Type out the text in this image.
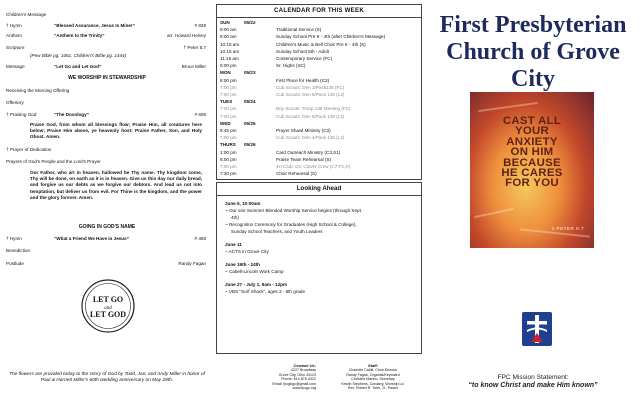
Children's Message
† Hymn	“Blessed Assurance, Jesus Is Mine!”	# 839
Anthem	“Anthem to the Trinity”	arr. Howard Helvey
Scripture	† Peter 5:7
(Pew Bible pg. 1061, Children's Bible pg. 1444)
Message	“Let Go and Let God”	Bruce Miller
WE WORSHIP IN STEWARDSHIP
Receiving the Morning Offering
Offertory
† Praising God	“The Doxology”	# 606
Praise God, from whom all blessings flow; Praise Him, all creatures here below; Praise Him above, ye heavenly host; Praise Father, Son, and Holy Ghost. Amen.
† Prayer of Dedication
Prayers of God's People and the Lord's Prayer
Our Father, who art in heaven, hallowed be Thy name. Thy kingdom come, Thy will be done, on earth as it is in heaven. Give us this day our daily bread, and forgive us our debts as we forgive our debtors. And lead us not into temptation, but deliver us from evil. For Thine is the kingdom, and the power and the glory forever. Amen.
GOING IN GOD'S NAME
† Hymn	“What a Friend We Have in Jesus”	# 465
Benediction
Postlude	Randy Fagan
LET GO
and
LET GOD
The flowers are provided today to the Glory of God by Todd, Jan, and Andy Miller in honor of Paul & Harriett Miller's 60th wedding anniversary on May 28th.
CALENDAR FOR THIS WEEK
SUN	05/22
9:00 am	Traditional Service (S)
9:00 am	Sunday School Pre K - 4th (after Children's Message)
10:15 am	Children's Music & Bell Choir Pre K - 4th (S)
10:15 am	Sunday School 5th - Adult
11:15 am	Contemporary Service (FC)
6:00 pm	Sr. Highs (SC)
MON	05/23
6:00 pm	First Place for Health (C3)
7:00 pm	Cub Scouts: Den 2/Pack136 (FC)
7:00 pm	Cub Scouts: Den 6/Pack 136 (L2)
TUES	05/24
7:00 pm	Boy Scouts: Troop 136 Meeting (FC)
7:00 pm	Cub Scouts: Den 8/Pack 136 (L2)
WED	05/25
6:45 pm	Prayer Shawl Ministry (C3)
7:00 pm	Cub Scouts: Den 4/Pack 136 (L2)
THURS 05/26
1:00 pm	Card Outreach Ministry (C3,S1)
6:00 pm	Praise Team Rehearsal (S)
7:00 pm	4H Club: GC Clover Crew (C7,FC,K)
7:30 pm	Choir Rehearsal (S)
Looking Ahead
June 5, 10:00am
~ Our one Summer Blended Worship Service begins (through Sept.
4th)
~ Recognition Ceremony for Graduates (High School & College),
Sunday School Teachers, and Youth Leaders
June 11
~ ACTS in Grove City
June 19th - 24th
~ Cabell-Lincoln Work Camp
June 27 - July 1, 9am - 12pm
~ VBS "Surf Shack", ages 3 - 6th grade
Contact Us:
4227 Broadway
Grove City, Ohio 43123
Phone: 614-875-4322
Email: fpcgbgc@gmail.com
www.fpcgc.org
Staff:
Charlotte Cahill, Choir Director
Randy Fagan, Organist/Keyboard
Christine Marino, Secretary
Kristin Stephens, Cordarry, Worship Ld.
Rev. Robert R. Toler, Jr., Pastor
First Presbyterian
Church of Grove City
CAST ALL
YOUR
ANXIETY
ON HIM
BECAUSE
HE CARES
FOR YOU
1 PETER 5:7
FPC Mission Statement:
“to know Christ and make Him known”
